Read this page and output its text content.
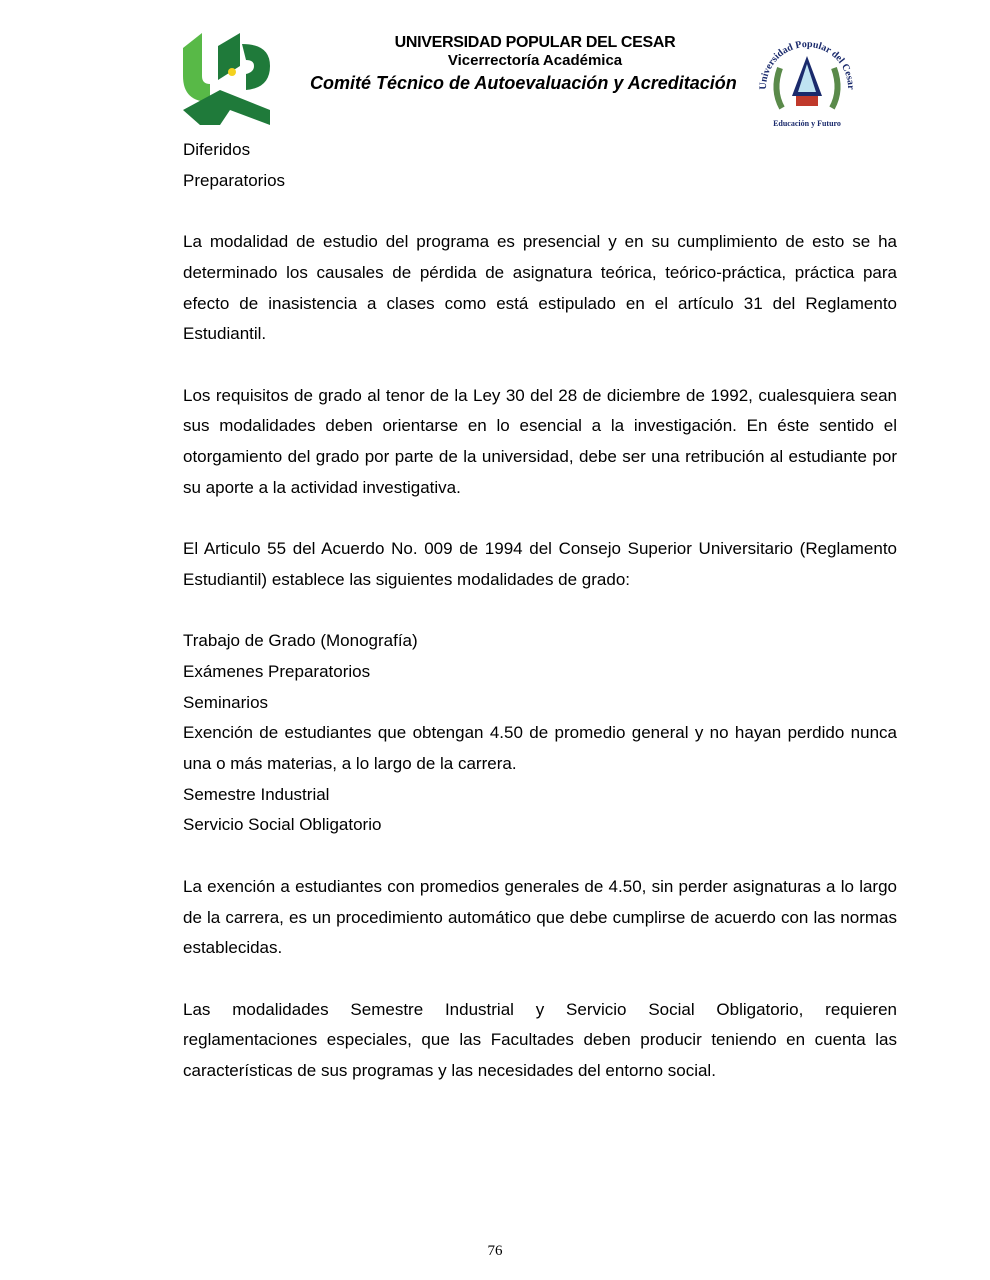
UNIVERSIDAD POPULAR DEL CESAR
Vicerrectoría Académica
Comité Técnico de Autoevaluación y Acreditación Universidad Popular del Cesar
Educación y Futuro
Diferidos
Preparatorios

La modalidad de estudio del programa es presencial y en su cumplimiento de esto se ha determinado los causales de pérdida de asignatura teórica, teórico-práctica, práctica para efecto de inasistencia a clases como está estipulado en el artículo 31 del Reglamento Estudiantil.

Los requisitos de grado al tenor de la Ley 30 del 28 de diciembre de 1992, cualesquiera sean sus modalidades deben orientarse en lo esencial a la investigación. En éste sentido el otorgamiento del grado por parte de la universidad, debe ser una retribución al estudiante por su aporte a la actividad investigativa.

El Articulo 55 del Acuerdo No. 009 de 1994 del Consejo Superior Universitario (Reglamento Estudiantil) establece las siguientes modalidades de grado:

Trabajo de Grado (Monografía)
Exámenes Preparatorios
Seminarios

Exención de estudiantes que obtengan 4.50 de promedio general y no hayan perdido nunca una o más materias, a lo largo de la carrera.

Semestre Industrial
Servicio Social Obligatorio

La exención a estudiantes con promedios generales de 4.50, sin perder asignaturas a lo largo de la carrera, es un procedimiento automático que debe cumplirse de acuerdo con las normas establecidas.

Las modalidades Semestre Industrial y Servicio Social Obligatorio, requieren reglamentaciones especiales, que las Facultades deben producir teniendo en cuenta las características de sus programas y las necesidades del entorno social.

76
